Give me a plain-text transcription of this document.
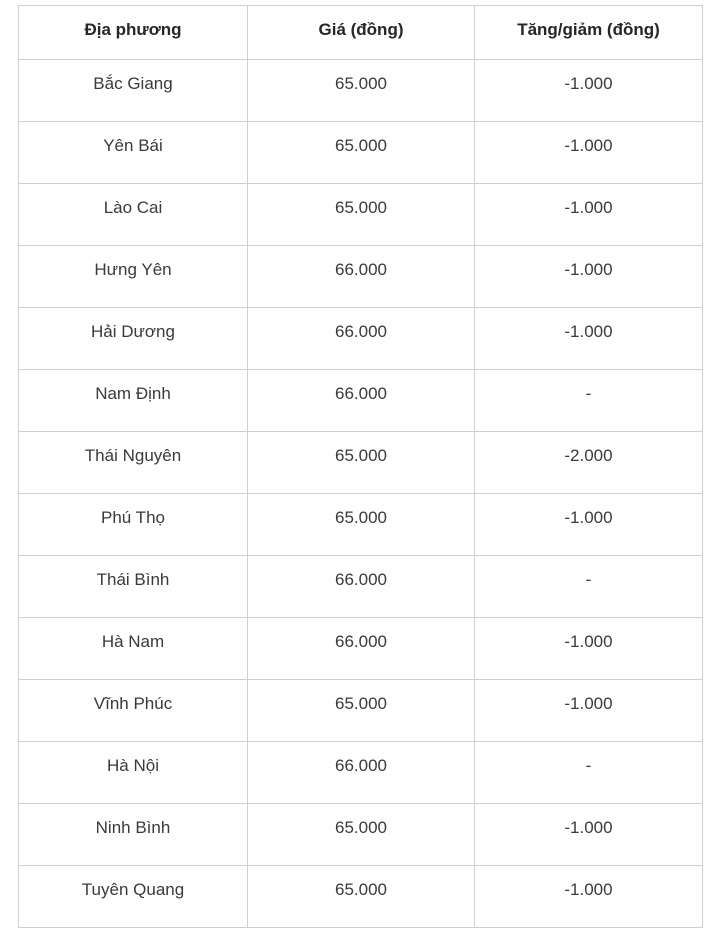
Địa phương	Giá (đồng)	Tăng/giảm (đồng)
Bắc Giang	65.000	-1.000
Yên Bái	65.000	-1.000
Lào Cai	65.000	-1.000
Hưng Yên	66.000	-1.000
Hải Dương	66.000	-1.000
Nam Định	66.000	-
Thái Nguyên	65.000	-2.000
Phú Thọ	65.000	-1.000
Thái Bình	66.000	-
Hà Nam	66.000	-1.000
Vĩnh Phúc	65.000	-1.000
Hà Nội	66.000	-
Ninh Bình	65.000	-1.000
Tuyên Quang	65.000	-1.000
